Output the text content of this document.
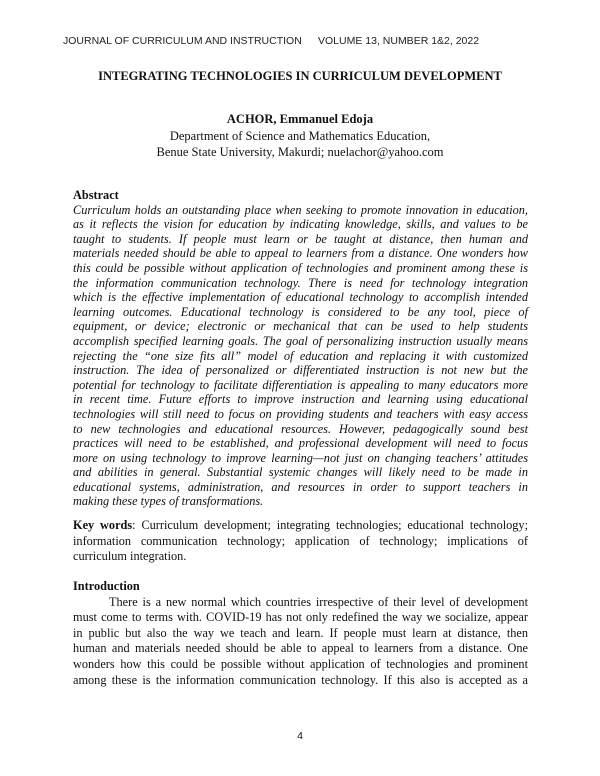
JOURNAL OF CURRICULUM AND INSTRUCTION VOLUME 13, NUMBER 1&2, 2022
INTEGRATING TECHNOLOGIES IN CURRICULUM DEVELOPMENT
ACHOR, Emmanuel Edoja
Department of Science and Mathematics Education,
Benue State University, Makurdi; nuelachor@yahoo.com
Abstract
Curriculum holds an outstanding place when seeking to promote innovation in education,
as it reflects the vision for education by indicating knowledge, skills, and values to be
taught to students. If people must learn or be taught at distance, then human and
materials needed should be able to appeal to learners from a distance. One wonders how
this could be possible without application of technologies and prominent among these is
the information communication technology. There is need for technology integration
which is the effective implementation of educational technology to accomplish intended
learning outcomes. Educational technology is considered to be any tool, piece of
equipment, or device; electronic or mechanical that can be used to help students
accomplish specified learning goals. The goal of personalizing instruction usually means
rejecting the “one size fits all” model of education and replacing it with customized
instruction. The idea of personalized or differentiated instruction is not new but the
potential for technology to facilitate differentiation is appealing to many educators more
in recent time. Future efforts to improve instruction and learning using educational
technologies will still need to focus on providing students and teachers with easy access
to new technologies and educational resources. However, pedagogically sound best
practices will need to be established, and professional development will need to focus
more on using technology to improve learning—not just on changing teachers’ attitudes
and abilities in general. Substantial systemic changes will likely need to be made in
educational systems, administration, and resources in order to support teachers in
making these types of transformations.
Key words: Curriculum development; integrating technologies; educational technology;
information communication technology; application of technology; implications of
curriculum integration.
Introduction
There is a new normal which countries irrespective of their level of development
must come to terms with. COVID-19 has not only redefined the way we socialize, appear
in public but also the way we teach and learn. If people must learn at distance, then
human and materials needed should be able to appeal to learners from a distance. One
wonders how this could be possible without application of technologies and prominent
among these is the information communication technology. If this also is accepted as a
4
